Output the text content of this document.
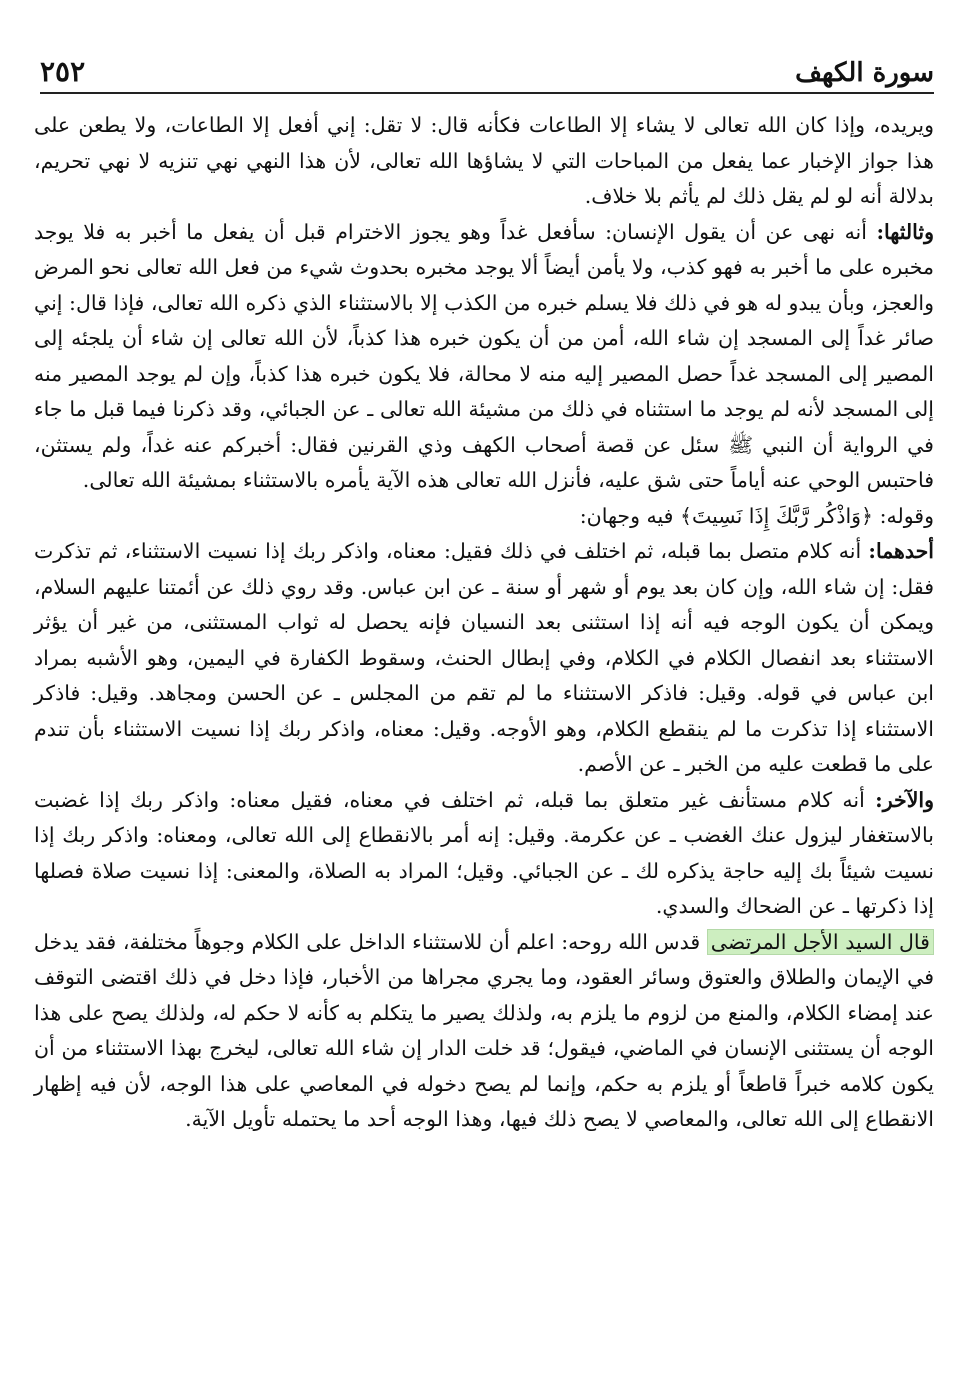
سورة الكهف
٢٥٢

ويريده، وإذا كان الله تعالى لا يشاء إلا الطاعات فكأنه قال: لا تقل: إني أفعل إلا الطاعات، ولا يطعن على هذا جواز الإخبار عما يفعل من المباحات التي لا يشاؤها الله تعالى، لأن هذا النهي نهي تنزيه لا نهي تحريم، بدلالة أنه لو لم يقل ذلك لم يأثم بلا خلاف.

وثالثها: أنه نهى عن أن يقول الإنسان: سأفعل غداً وهو يجوز الاخترام قبل أن يفعل ما أخبر به فلا يوجد مخبره على ما أخبر به فهو كذب، ولا يأمن أيضاً ألا يوجد مخبره بحدوث شيء من فعل الله تعالى نحو المرض والعجز، وبأن يبدو له هو في ذلك فلا يسلم خبره من الكذب إلا بالاستثناء الذي ذكره الله تعالى، فإذا قال: إني صائر غداً إلى المسجد إن شاء الله، أمن من أن يكون خبره هذا كذباً، لأن الله تعالى إن شاء أن يلجئه إلى المصير إلى المسجد غداً حصل المصير إليه منه لا محالة، فلا يكون خبره هذا كذباً، وإن لم يوجد المصير منه إلى المسجد لأنه لم يوجد ما استثناه في ذلك من مشيئة الله تعالى ـ عن الجبائي، وقد ذكرنا فيما قبل ما جاء في الرواية أن النبي ﷺ سئل عن قصة أصحاب الكهف وذي القرنين فقال: أخبركم عنه غداً، ولم يستثن، فاحتبس الوحي عنه أياماً حتى شق عليه، فأنزل الله تعالى هذه الآية يأمره بالاستثناء بمشيئة الله تعالى.

وقوله: ﴿وَاذْكُر رَّبَّكَ إِذَا نَسِيتَ﴾ فيه وجهان:

أحدهما: أنه كلام متصل بما قبله، ثم اختلف في ذلك فقيل: معناه، واذكر ربك إذا نسيت الاستثناء، ثم تذكرت فقل: إن شاء الله، وإن كان بعد يوم أو شهر أو سنة ـ عن ابن عباس. وقد روي ذلك عن أئمتنا عليهم السلام، ويمكن أن يكون الوجه فيه أنه إذا استثنى بعد النسيان فإنه يحصل له ثواب المستثنى، من غير أن يؤثر الاستثناء بعد انفصال الكلام في الكلام، وفي إبطال الحنث، وسقوط الكفارة في اليمين، وهو الأشبه بمراد ابن عباس في قوله. وقيل: فاذكر الاستثناء ما لم تقم من المجلس ـ عن الحسن ومجاهد. وقيل: فاذكر الاستثناء إذا تذكرت ما لم ينقطع الكلام، وهو الأوجه. وقيل: معناه، واذكر ربك إذا نسيت الاستثناء بأن تندم على ما قطعت عليه من الخبر ـ عن الأصم.

والآخر: أنه كلام مستأنف غير متعلق بما قبله، ثم اختلف في معناه، فقيل معناه: واذكر ربك إذا غضبت بالاستغفار ليزول عنك الغضب ـ عن عكرمة. وقيل: إنه أمر بالانقطاع إلى الله تعالى، ومعناه: واذكر ربك إذا نسيت شيئاً بك إليه حاجة يذكره لك ـ عن الجبائي. وقيل؛ المراد به الصلاة، والمعنى: إذا نسيت صلاة فصلها إذا ذكرتها ـ عن الضحاك والسدي.

قال السيد الأجل المرتضى قدس الله روحه: اعلم أن للاستثناء الداخل على الكلام وجوهاً مختلفة، فقد يدخل في الإيمان والطلاق والعتوق وسائر العقود، وما يجري مجراها من الأخبار، فإذا دخل في ذلك اقتضى التوقف عند إمضاء الكلام، والمنع من لزوم ما يلزم به، ولذلك يصير ما يتكلم به كأنه لا حكم له، ولذلك يصح على هذا الوجه أن يستثنى الإنسان في الماضي، فيقول؛ قد خلت الدار إن شاء الله تعالى، ليخرج بهذا الاستثناء من أن يكون كلامه خبراً قاطعاً أو يلزم به حكم، وإنما لم يصح دخوله في المعاصي على هذا الوجه، لأن فيه إظهار الانقطاع إلى الله تعالى، والمعاصي لا يصح ذلك فيها، وهذا الوجه أحد ما يحتمله تأويل الآية.
